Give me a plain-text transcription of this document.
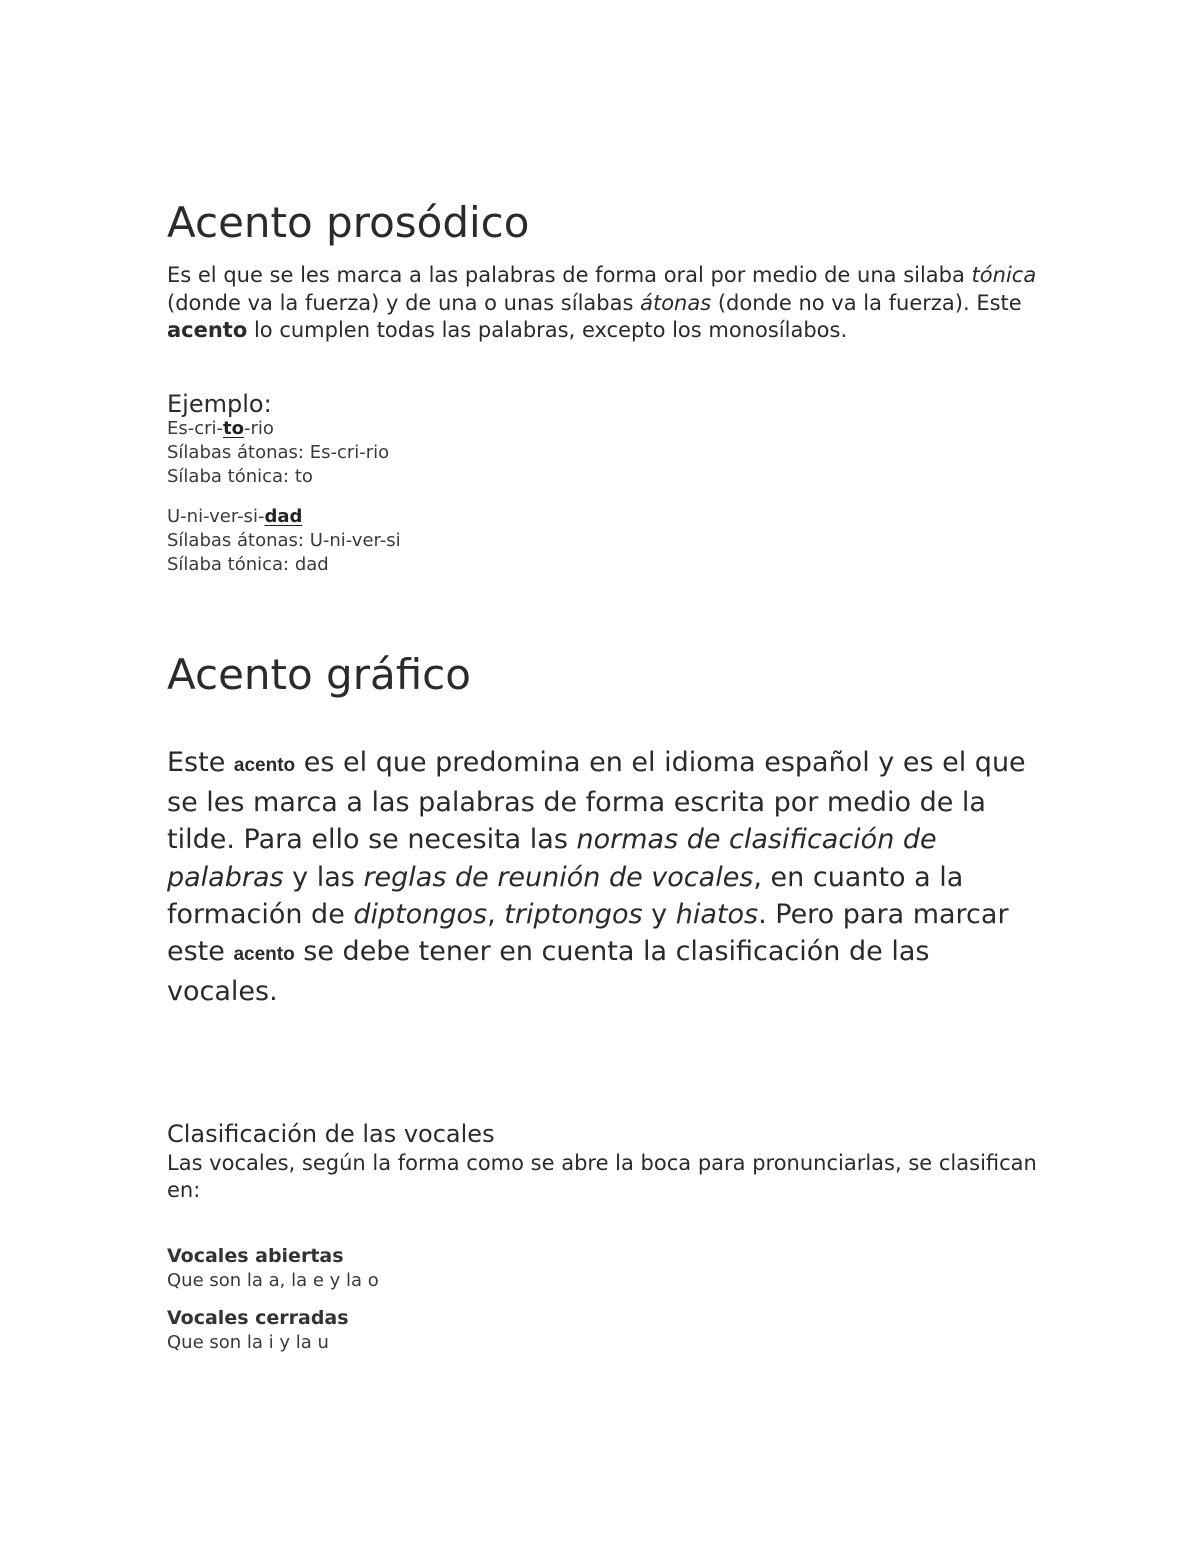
Acento prosódico

Es el que se les marca a las palabras de forma oral por medio de una silaba tónica (donde va la fuerza) y de una o unas sílabas átonas (donde no va la fuerza). Este acento lo cumplen todas las palabras, excepto los monosílabos.

Ejemplo:
Es-cri-to-rio
Sílabas átonas: Es-cri-rio
Sílaba tónica: to
U-ni-ver-si-dad
Sílabas átonas: U-ni-ver-si
Sílaba tónica: dad
Acento gráfico

Este acento es el que predomina en el idioma español y es el que se les marca a las palabras de forma escrita por medio de la tilde. Para ello se necesita las normas de clasificación de palabras y las reglas de reunión de vocales, en cuanto a la formación de diptongos, triptongos y hiatos. Pero para marcar este acento se debe tener en cuenta la clasificación de las vocales.

Clasificación de las vocales

Las vocales, según la forma como se abre la boca para pronunciarlas, se clasifican en:

Vocales abiertas
Que son la a, la e y la o
Vocales cerradas
Que son la i y la u
